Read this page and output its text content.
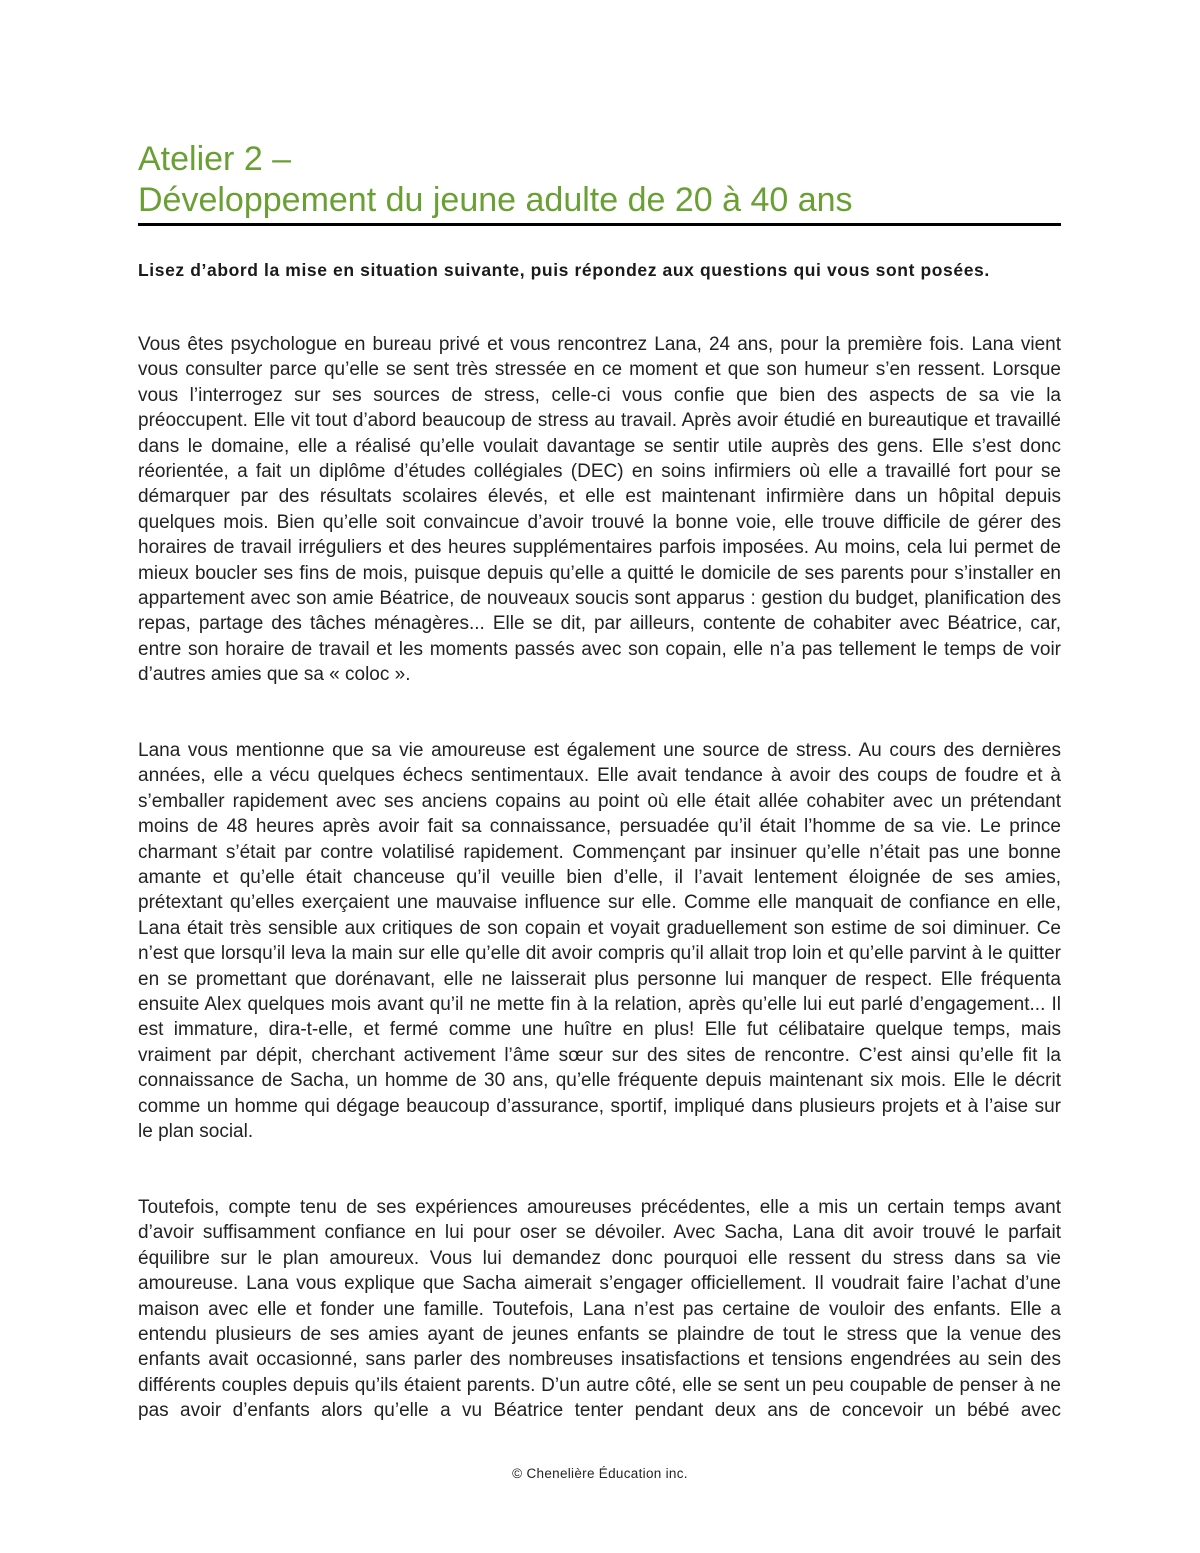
Atelier 2 –
Développement du jeune adulte de 20 à 40 ans

Lisez d’abord la mise en situation suivante, puis répondez aux questions qui vous sont posées.

Vous êtes psychologue en bureau privé et vous rencontrez Lana, 24 ans, pour la première fois. Lana vient vous consulter parce qu’elle se sent très stressée en ce moment et que son humeur s’en ressent. Lorsque vous l’interrogez sur ses sources de stress, celle-ci vous confie que bien des aspects de sa vie la préoccupent. Elle vit tout d’abord beaucoup de stress au travail. Après avoir étudié en bureautique et travaillé dans le domaine, elle a réalisé qu’elle voulait davantage se sentir utile auprès des gens. Elle s’est donc réorientée, a fait un diplôme d’études collégiales (DEC) en soins infirmiers où elle a travaillé fort pour se démarquer par des résultats scolaires élevés, et elle est maintenant infirmière dans un hôpital depuis quelques mois. Bien qu’elle soit convaincue d’avoir trouvé la bonne voie, elle trouve difficile de gérer des horaires de travail irréguliers et des heures supplémentaires parfois imposées. Au moins, cela lui permet de mieux boucler ses fins de mois, puisque depuis qu’elle a quitté le domicile de ses parents pour s’installer en appartement avec son amie Béatrice, de nouveaux soucis sont apparus : gestion du budget, planification des repas, partage des tâches ménagères... Elle se dit, par ailleurs, contente de cohabiter avec Béatrice, car, entre son horaire de travail et les moments passés avec son copain, elle n’a pas tellement le temps de voir d’autres amies que sa « coloc ».

Lana vous mentionne que sa vie amoureuse est également une source de stress. Au cours des dernières années, elle a vécu quelques échecs sentimentaux. Elle avait tendance à avoir des coups de foudre et à s’emballer rapidement avec ses anciens copains au point où elle était allée cohabiter avec un prétendant moins de 48 heures après avoir fait sa connaissance, persuadée qu’il était l’homme de sa vie. Le prince charmant s’était par contre volatilisé rapidement. Commençant par insinuer qu’elle n’était pas une bonne amante et qu’elle était chanceuse qu’il veuille bien d’elle, il l’avait lentement éloignée de ses amies, prétextant qu’elles exerçaient une mauvaise influence sur elle. Comme elle manquait de confiance en elle, Lana était très sensible aux critiques de son copain et voyait graduellement son estime de soi diminuer. Ce n’est que lorsqu’il leva la main sur elle qu’elle dit avoir compris qu’il allait trop loin et qu’elle parvint à le quitter en se promettant que dorénavant, elle ne laisserait plus personne lui manquer de respect. Elle fréquenta ensuite Alex quelques mois avant qu’il ne mette fin à la relation, après qu’elle lui eut parlé d’engagement... Il est immature, dira-t-elle, et fermé comme une huître en plus! Elle fut célibataire quelque temps, mais vraiment par dépit, cherchant activement l’âme sœur sur des sites de rencontre. C’est ainsi qu’elle fit la connaissance de Sacha, un homme de 30 ans, qu’elle fréquente depuis maintenant six mois. Elle le décrit comme un homme qui dégage beaucoup d’assurance, sportif, impliqué dans plusieurs projets et à l’aise sur le plan social.

Toutefois, compte tenu de ses expériences amoureuses précédentes, elle a mis un certain temps avant d’avoir suffisamment confiance en lui pour oser se dévoiler. Avec Sacha, Lana dit avoir trouvé le parfait équilibre sur le plan amoureux. Vous lui demandez donc pourquoi elle ressent du stress dans sa vie amoureuse. Lana vous explique que Sacha aimerait s’engager officiellement. Il voudrait faire l’achat d’une maison avec elle et fonder une famille. Toutefois, Lana n’est pas certaine de vouloir des enfants. Elle a entendu plusieurs de ses amies ayant de jeunes enfants se plaindre de tout le stress que la venue des enfants avait occasionné, sans parler des nombreuses insatisfactions et tensions engendrées au sein des différents couples depuis qu’ils étaient parents. D’un autre côté, elle se sent un peu coupable de penser à ne pas avoir d’enfants alors qu’elle a vu Béatrice tenter pendant deux ans de concevoir un bébé avec

© Chenelière Éducation inc.
